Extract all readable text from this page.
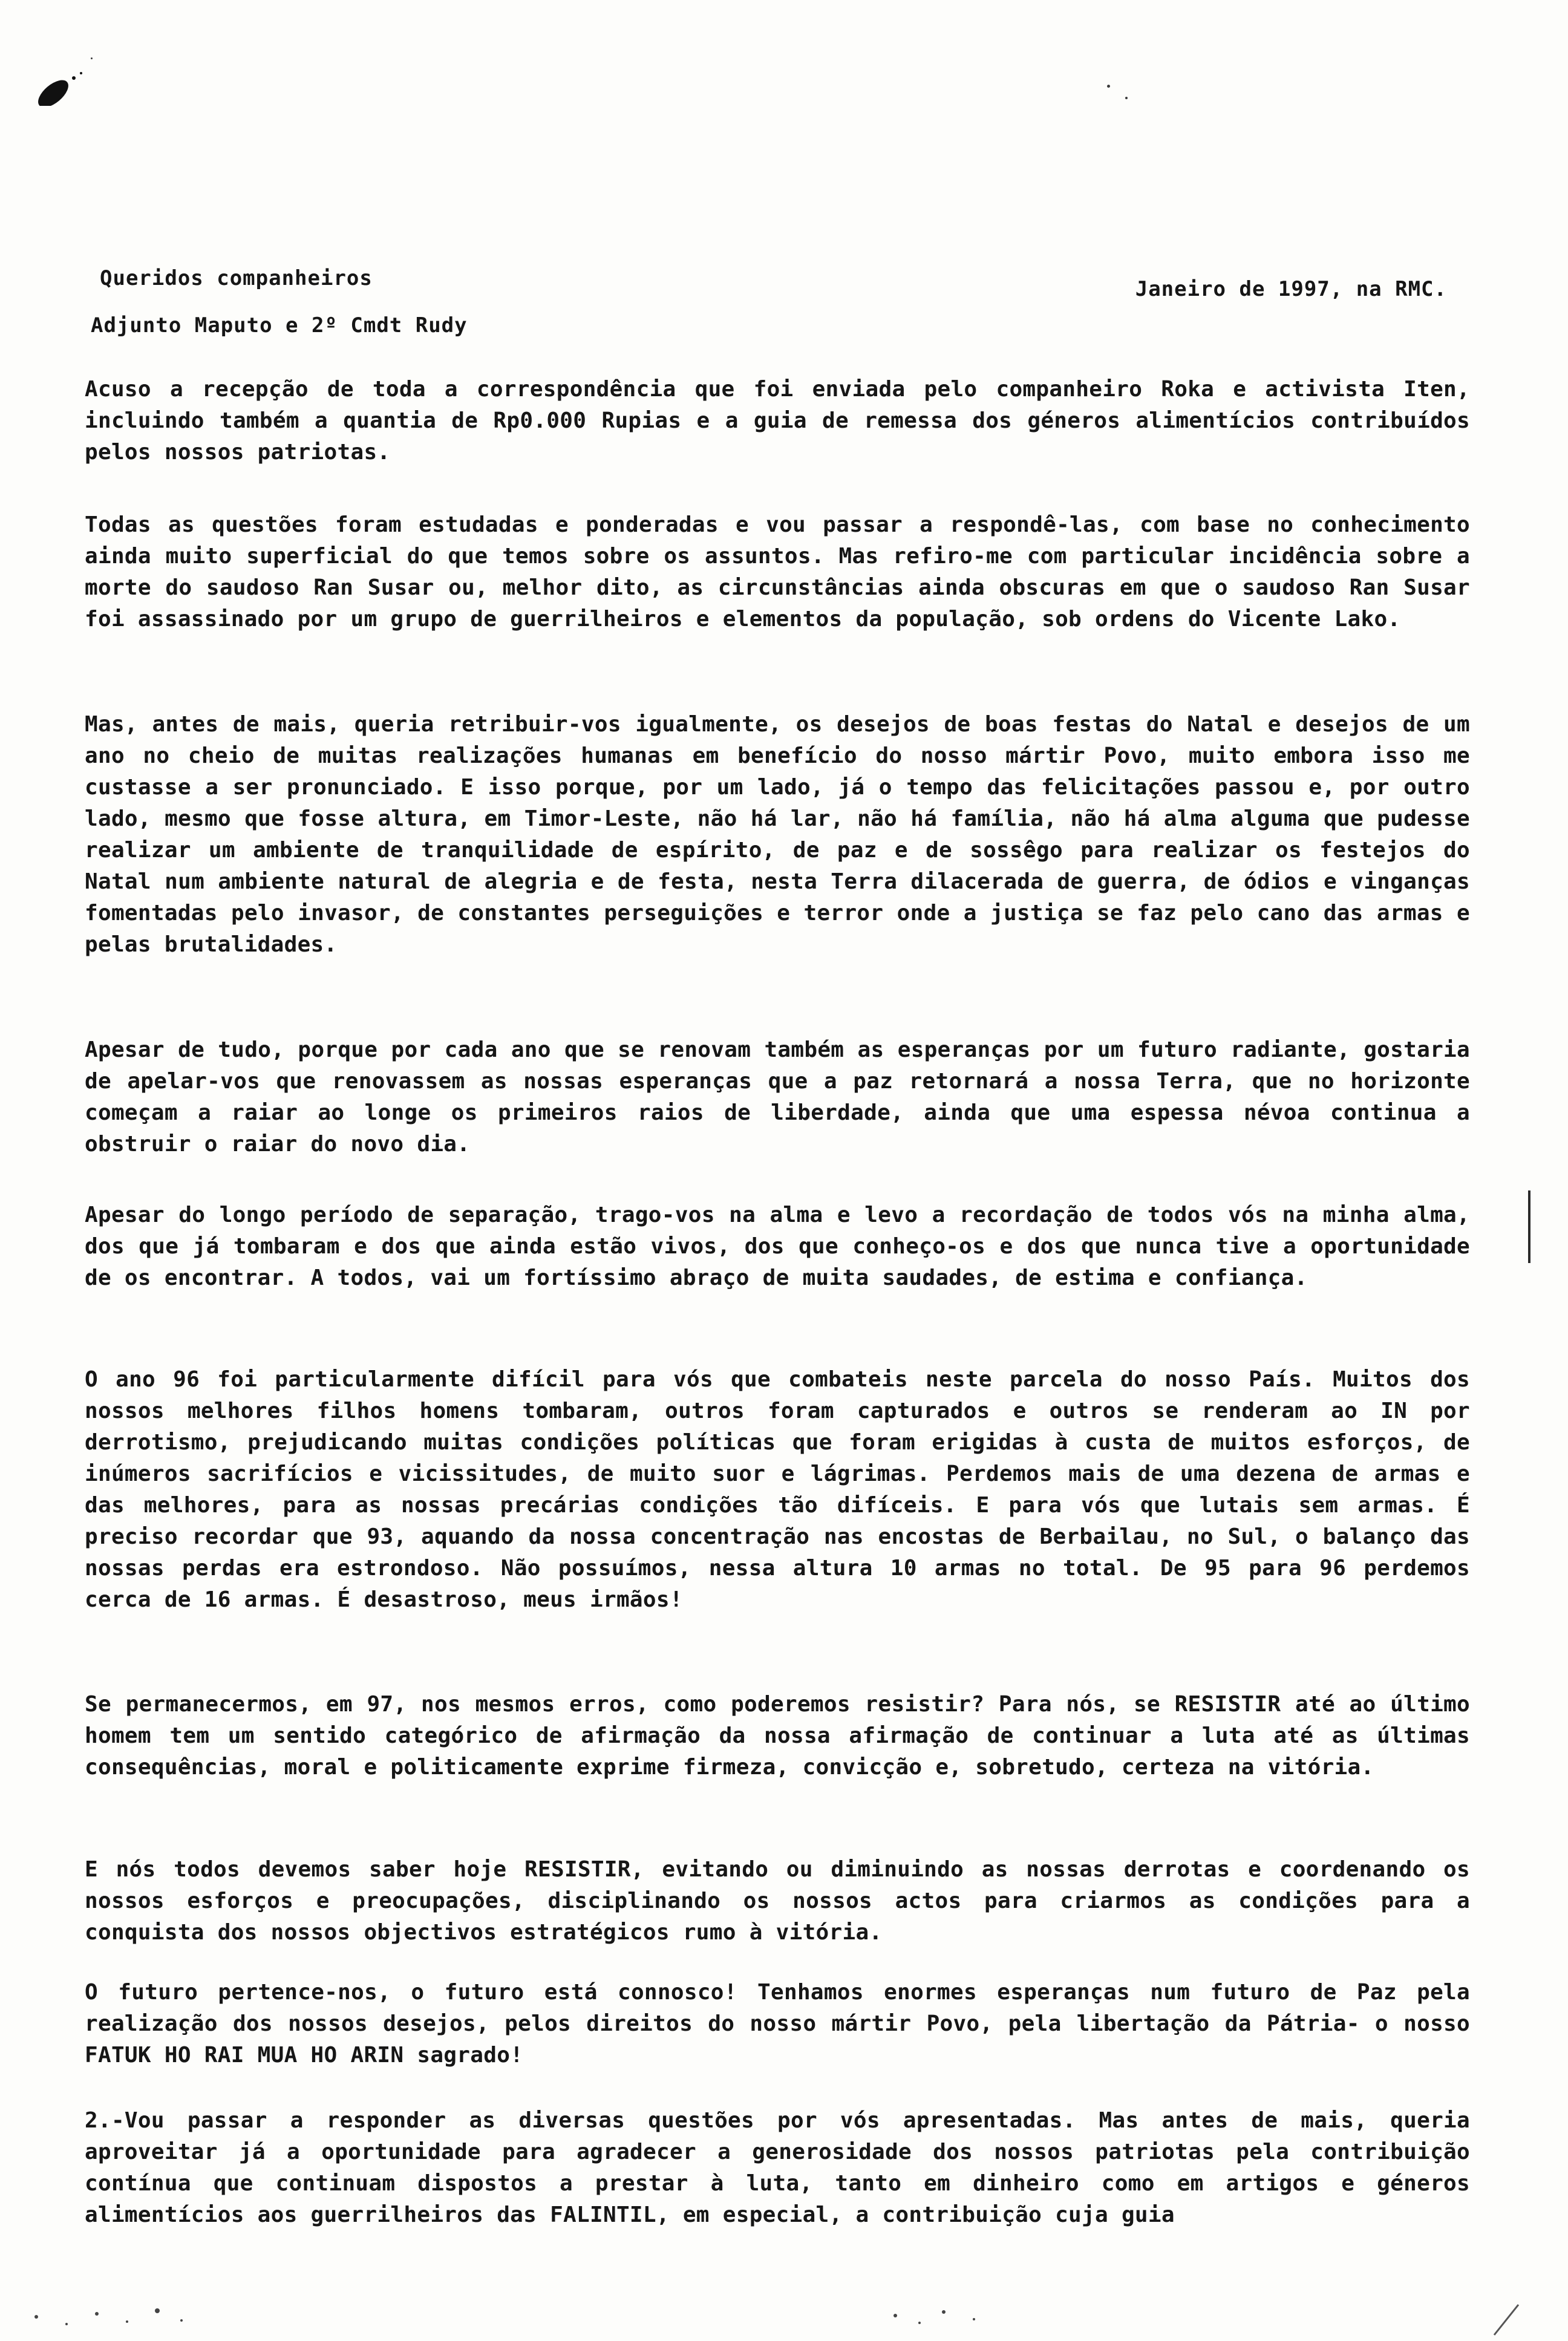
Queridos companheiros	Janeiro de 1997, na RMC.
Adjunto Maputo e 2º Cmdt Rudy

Acuso a recepção de toda a correspondência que foi enviada pelo companheiro Roka e activista Iten, incluindo também a quantia de Rp0.000 Rupias e a guia de remessa dos géneros alimentícios contribuídos pelos nossos patriotas.

Todas as questões foram estudadas e ponderadas e vou passar a respondê-las, com base no conhecimento ainda muito superficial do que temos sobre os assuntos. Mas refiro-me com particular incidência sobre a morte do saudoso Ran Susar ou, melhor dito, as circunstâncias ainda obscuras em que o saudoso Ran Susar foi assassinado por um grupo de guerrilheiros e elementos da população, sob ordens do Vicente Lako.

Mas, antes de mais, queria retribuir-vos igualmente, os desejos de boas festas do Natal e desejos de um ano no cheio de muitas realizações humanas em benefício do nosso mártir Povo, muito embora isso me custasse a ser pronunciado. E isso porque, por um lado, já o tempo das felicitações passou e, por outro lado, mesmo que fosse altura, em Timor-Leste, não há lar, não há família, não há alma alguma que pudesse realizar um ambiente de tranquilidade de espírito, de paz e de sossêgo para realizar os festejos do Natal num ambiente natural de alegria e de festa, nesta Terra dilacerada de guerra, de ódios e vinganças fomentadas pelo invasor, de constantes perseguições e terror onde a justiça se faz pelo cano das armas e pelas brutalidades.

Apesar de tudo, porque por cada ano que se renovam também as esperanças por um futuro radiante, gostaria de apelar-vos que renovassem as nossas esperanças que a paz retornará a nossa Terra, que no horizonte começam a raiar ao longe os primeiros raios de liberdade, ainda que uma espessa névoa continua a obstruir o raiar do novo dia.

Apesar do longo período de separação, trago-vos na alma e levo a recordação de todos vós na minha alma, dos que já tombaram e dos que ainda estão vivos, dos que conheço-os e dos que nunca tive a oportunidade de os encontrar. A todos, vai um fortíssimo abraço de muita saudades, de estima e confiança.

O ano 96 foi particularmente difícil para vós que combateis neste parcela do nosso País. Muitos dos nossos melhores filhos homens tombaram, outros foram capturados e outros se renderam ao IN por derrotismo, prejudicando muitas condições políticas que foram erigidas à custa de muitos esforços, de inúmeros sacrifícios e vicissitudes, de muito suor e lágrimas. Perdemos mais de uma dezena de armas e das melhores, para as nossas precárias condições tão difíceis. E para vós que lutais sem armas. É preciso recordar que 93, aquando da nossa concentração nas encostas de Berbailau, no Sul, o balanço das nossas perdas era estrondoso. Não possuímos, nessa altura 10 armas no total. De 95 para 96 perdemos cerca de 16 armas. É desastroso, meus irmãos!

Se permanecermos, em 97, nos mesmos erros, como poderemos resistir? Para nós, se RESISTIR até ao último homem tem um sentido categórico de afirmação da nossa afirmação de continuar a luta até as últimas consequências, moral e politicamente exprime firmeza, convicção e, sobretudo, certeza na vitória.

E nós todos devemos saber hoje RESISTIR, evitando ou diminuindo as nossas derrotas e coordenando os nossos esforços e preocupações, disciplinando os nossos actos para criarmos as condições para a conquista dos nossos objectivos estratégicos rumo à vitória.

O futuro pertence-nos, o futuro está connosco! Tenhamos enormes esperanças num futuro de Paz pela realização dos nossos desejos, pelos direitos do nosso mártir Povo, pela libertação da Pátria- o nosso FATUK HO RAI MUA HO ARIN sagrado!

2.-Vou passar a responder as diversas questões por vós apresentadas. Mas antes de mais, queria aproveitar já a oportunidade para agradecer a generosidade dos nossos patriotas pela contribuição contínua que continuam dispostos a prestar à luta, tanto em dinheiro como em artigos e géneros alimentícios aos guerrilheiros das FALINTIL, em especial, a contribuição cuja guia
